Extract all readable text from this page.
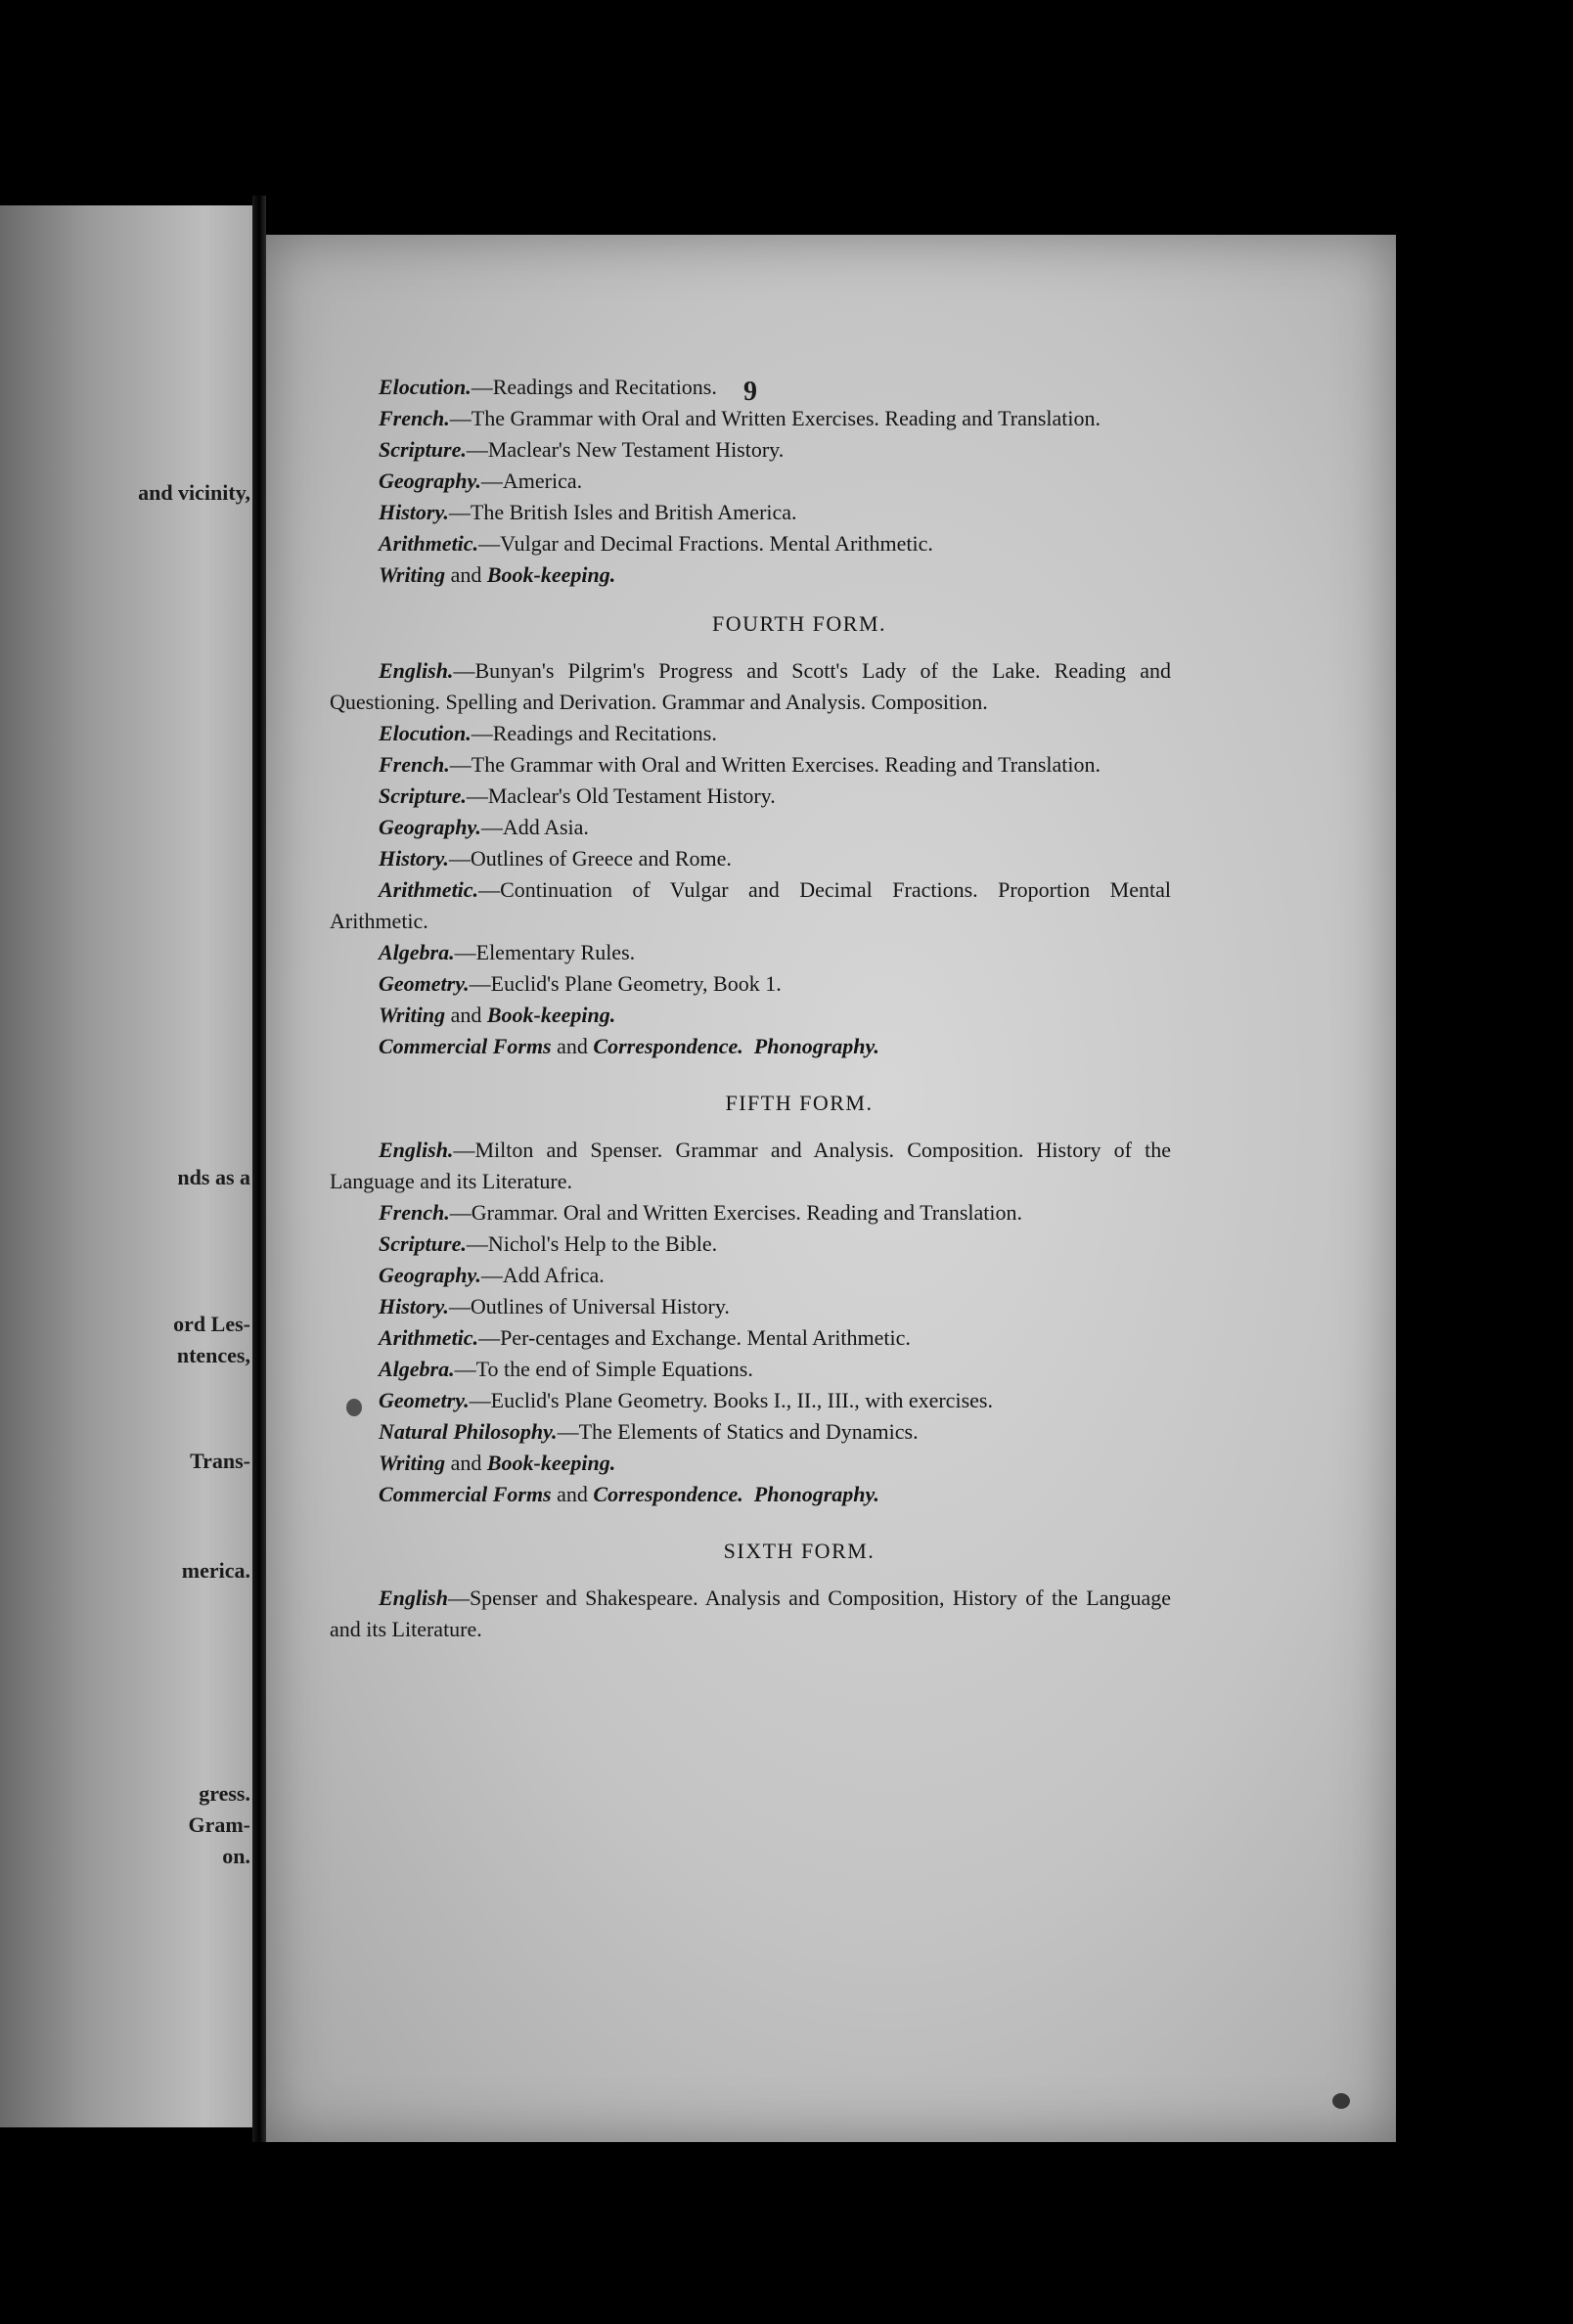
and vicinity,
nds as a
ord Les-
ntences,
Trans-
merica.
gress.
Gram-
on.
9

Elocution.—Readings and Recitations.

French.—The Grammar with Oral and Written Exercises. Reading and Translation.

Scripture.—Maclear's New Testament History.

Geography.—America.

History.—The British Isles and British America.

Arithmetic.—Vulgar and Decimal Fractions. Mental Arithmetic.

Writing and Book-keeping.

FOURTH FORM.

English.—Bunyan's Pilgrim's Progress and Scott's Lady of the Lake. Reading and Questioning. Spelling and Derivation. Grammar and Analysis. Composition.

Elocution.—Readings and Recitations.

French.—The Grammar with Oral and Written Exercises. Reading and Translation.

Scripture.—Maclear's Old Testament History.

Geography.—Add Asia.

History.—Outlines of Greece and Rome.

Arithmetic.—Continuation of Vulgar and Decimal Fractions. Proportion Mental Arithmetic.

Algebra.—Elementary Rules.

Geometry.—Euclid's Plane Geometry, Book 1.

Writing and Book-keeping.

Commercial Forms and Correspondence. Phonography.

FIFTH FORM.

English.—Milton and Spenser. Grammar and Analysis. Composition. History of the Language and its Literature.

French.—Grammar. Oral and Written Exercises. Reading and Translation.

Scripture.—Nichol's Help to the Bible.

Geography.—Add Africa.

History.—Outlines of Universal History.

Arithmetic.—Per-centages and Exchange. Mental Arithmetic.

Algebra.—To the end of Simple Equations.

Geometry.—Euclid's Plane Geometry. Books I., II., III., with exercises.

Natural Philosophy.—The Elements of Statics and Dynamics.

Writing and Book-keeping.

Commercial Forms and Correspondence. Phonography.

SIXTH FORM.

English—Spenser and Shakespeare. Analysis and Composition, History of the Language and its Literature.
